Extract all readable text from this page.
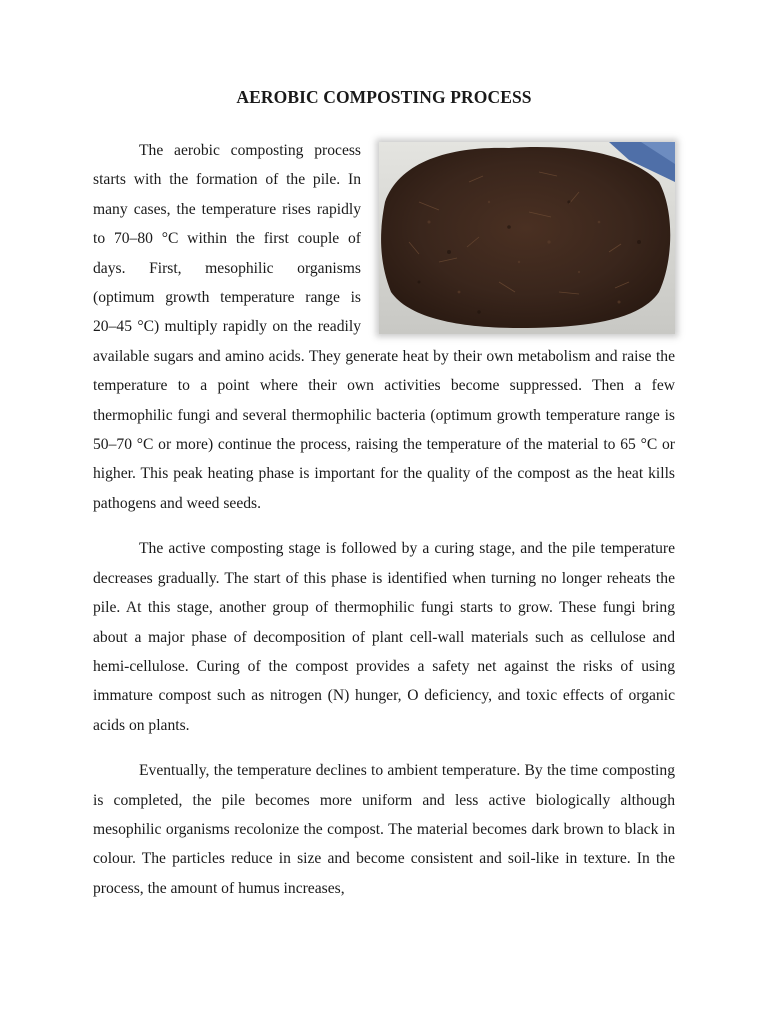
AEROBIC COMPOSTING PROCESS

The aerobic composting process starts with the formation of the pile. In many cases, the temperature rises rapidly to 70–80 °C within the first couple of days. First, mesophilic organisms (optimum growth temperature range is 20–45 °C) multiply rapidly on the readily available sugars and amino acids. They generate heat by their own metabolism and raise the temperature to a point where their own activities become suppressed. Then a few thermophilic fungi and several thermophilic bacteria (optimum growth temperature range is 50–70 °C or more) continue the process, raising the temperature of the material to 65 °C or higher. This peak heating phase is important for the quality of the compost as the heat kills pathogens and weed seeds.

The active composting stage is followed by a curing stage, and the pile temperature decreases gradually. The start of this phase is identified when turning no longer reheats the pile. At this stage, another group of thermophilic fungi starts to grow. These fungi bring about a major phase of decomposition of plant cell-wall materials such as cellulose and hemi-cellulose. Curing of the compost provides a safety net against the risks of using immature compost such as nitrogen (N) hunger, O deficiency, and toxic effects of organic acids on plants.

Eventually, the temperature declines to ambient temperature. By the time composting is completed, the pile becomes more uniform and less active biologically although mesophilic organisms recolonize the compost. The material becomes dark brown to black in colour. The particles reduce in size and become consistent and soil-like in texture. In the process, the amount of humus increases,
